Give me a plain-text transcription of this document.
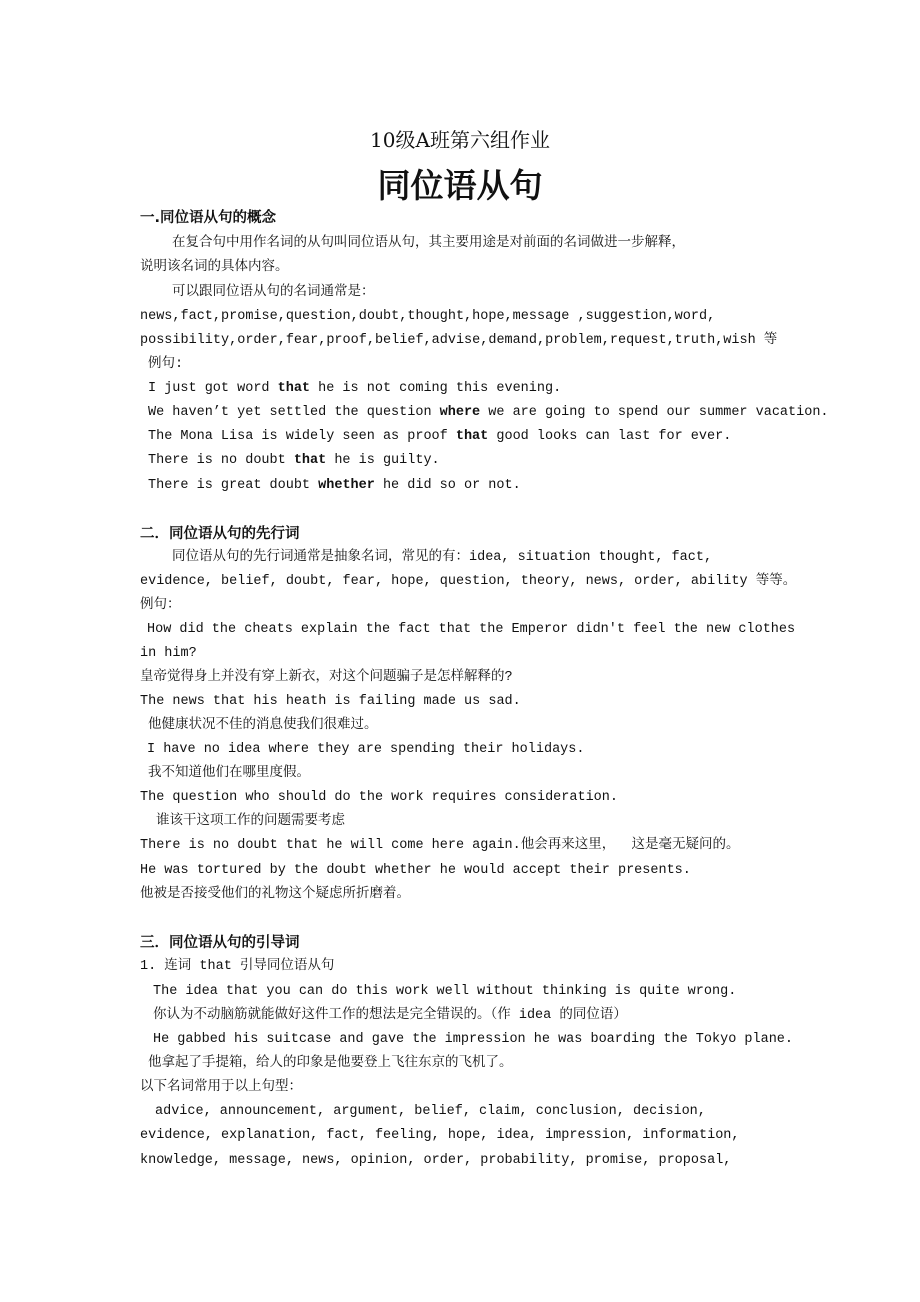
10级A班第六组作业
同位语从句
一.同位语从句的概念
在复合句中用作名词的从句叫同位语从句，其主要用途是对前面的名词做进一步解释，
说明该名词的具体内容。
可以跟同位语从句的名词通常是：
news,fact,promise,question,doubt,thought,hope,message ,suggestion,word,
possibility,order,fear,proof,belief,advise,demand,problem,request,truth,wish 等
例句:
I just got word that he is not coming this evening.
We haven’t yet settled the question where we are going to spend our summer vacation.
The Mona Lisa is widely seen as proof that good looks can last for ever.
There is no doubt that he is guilty.
There is great doubt whether he did so or not.
二．同位语从句的先行词
同位语从句的先行词通常是抽象名词，常见的有：idea, situation thought, fact,
evidence, belief, doubt, fear, hope, question, theory, news, order, ability 等等。
例句：
How did the cheats explain the fact that the Emperor didn't feel the new clothes
in him?
皇帝觉得身上并没有穿上新衣，对这个问题骗子是怎样解释的?
The news that his heath is failing made us sad.
他健康状况不佳的消息使我们很难过。
I have no idea where they are spending their holidays.
我不知道他们在哪里度假。
The question who should do the work requires consideration.
谁该干这项工作的问题需要考虑
There is no doubt that he will come here again.他会再来这里，  这是毫无疑问的。
He was tortured by the doubt whether he would accept their presents.
他被是否接受他们的礼物这个疑虑所折磨着。
三．同位语从句的引导词
1. 连词 that 引导同位语从句
The idea that you can do this work well without thinking is quite wrong.
你认为不动脑筋就能做好这件工作的想法是完全错误的。（作 idea 的同位语）
He gabbed his suitcase and gave the impression he was boarding the Tokyo plane.
他拿起了手提箱，给人的印象是他要登上飞往东京的飞机了。
以下名词常用于以上句型：
advice, announcement, argument, belief, claim, conclusion, decision,
evidence, explanation, fact, feeling, hope, idea, impression, information,
knowledge, message, news, opinion, order, probability, promise, proposal,
